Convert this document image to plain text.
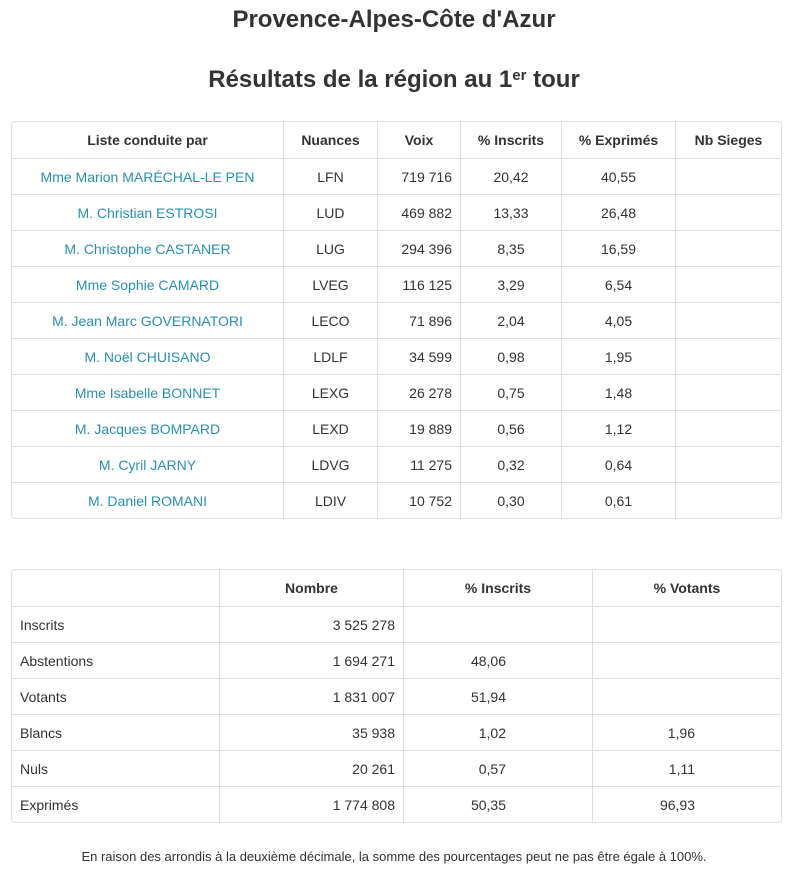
Provence-Alpes-Côte d'Azur
Résultats de la région au 1er tour
Liste conduite par	Nuances	Voix	% Inscrits	% Exprimés	Nb Sieges
Mme Marion MARÉCHAL-LE PEN	LFN	719 716	20,42	40,55	
M. Christian ESTROSI	LUD	469 882	13,33	26,48	
M. Christophe CASTANER	LUG	294 396	8,35	16,59	
Mme Sophie CAMARD	LVEG	116 125	3,29	6,54	
M. Jean Marc GOVERNATORI	LECO	71 896	2,04	4,05	
M. Noël CHUISANO	LDLF	34 599	0,98	1,95	
Mme Isabelle BONNET	LEXG	26 278	0,75	1,48	
M. Jacques BOMPARD	LEXD	19 889	0,56	1,12	
M. Cyril JARNY	LDVG	11 275	0,32	0,64	
M. Daniel ROMANI	LDIV	10 752	0,30	0,61	
	Nombre	% Inscrits	% Votants
Inscrits	3 525 278		
Abstentions	1 694 271	48,06	
Votants	1 831 007	51,94	
Blancs	35 938	1,02	1,96
Nuls	20 261	0,57	1,11
Exprimés	1 774 808	50,35	96,93
En raison des arrondis à la deuxième décimale, la somme des pourcentages peut ne pas être égale à 100%.
